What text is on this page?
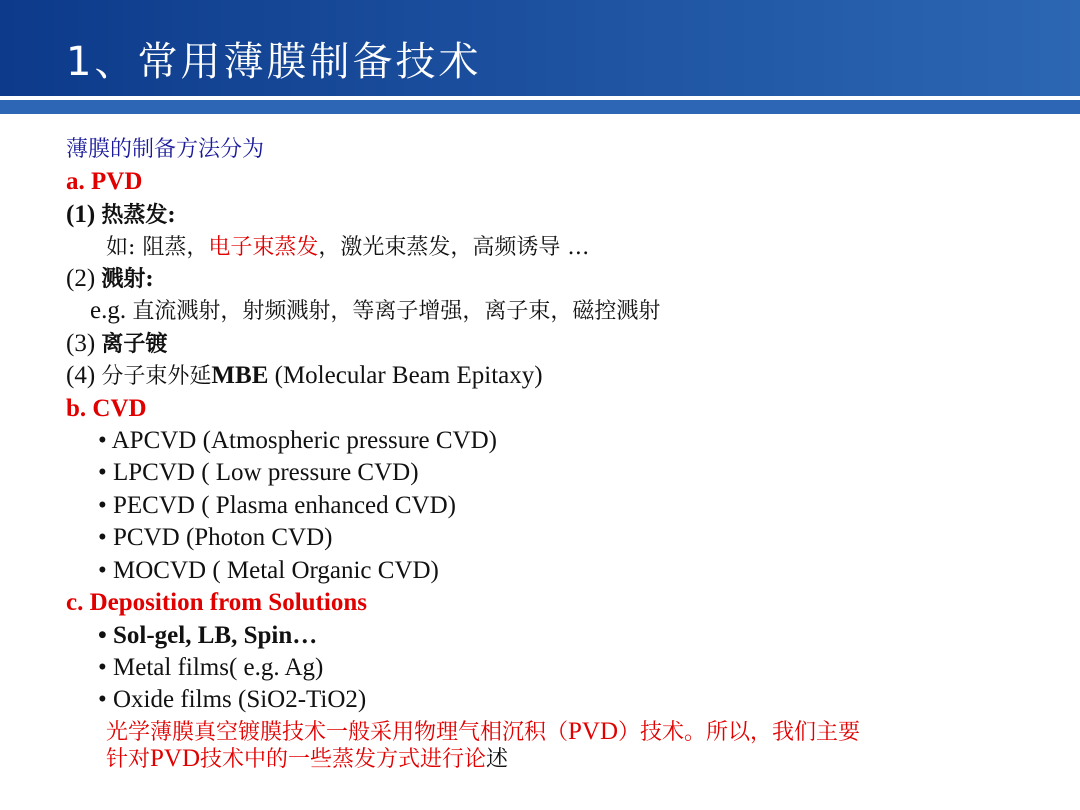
1、常用薄膜制备技术
薄膜的制备方法分为
a. PVD
(1) 热蒸发:
如: 阻蒸，电子束蒸发，激光束蒸发，高频诱导 …
(2) 溅射:
e.g. 直流溅射，射频溅射，等离子增强，离子束，磁控溅射
(3) 离子镀
(4) 分子束外延MBE (Molecular Beam Epitaxy)
b. CVD
• APCVD (Atmospheric pressure CVD)
• LPCVD ( Low pressure CVD)
• PECVD ( Plasma enhanced CVD)
• PCVD (Photon CVD)
• MOCVD ( Metal Organic CVD)
c. Deposition from Solutions
• Sol-gel, LB, Spin…
• Metal films( e.g. Ag)
• Oxide films (SiO2-TiO2)
光学薄膜真空镀膜技术一般采用物理气相沉积（PVD）技术。所以，我们主要
针对PVD技术中的一些蒸发方式进行论述
